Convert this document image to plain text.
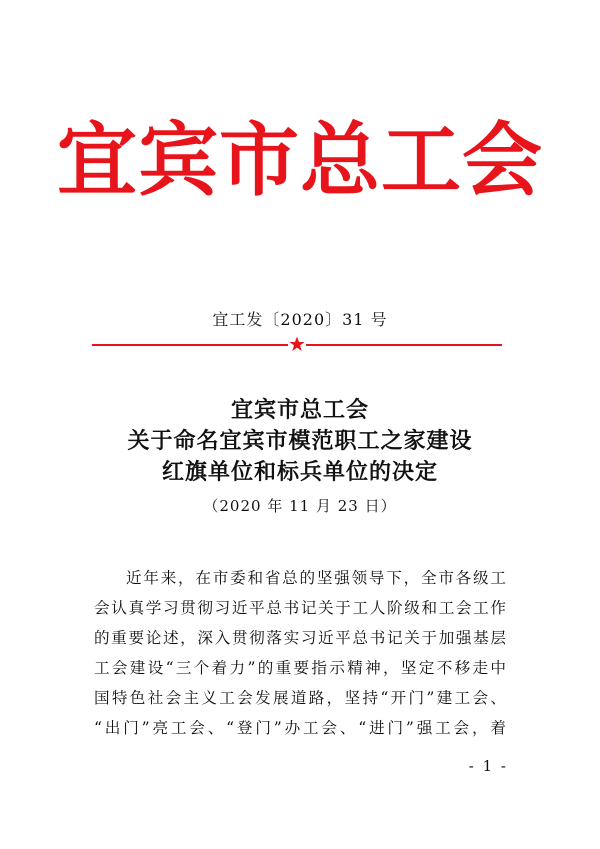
宜宾市总工会
宜工发〔2020〕31 号
宜宾市总工会
关于命名宜宾市模范职工之家建设
红旗单位和标兵单位的决定
（2020 年 11 月 23 日）
近年来，在市委和省总的坚强领导下，全市各级工
会认真学习贯彻习近平总书记关于工人阶级和工会工作
的重要论述，深入贯彻落实习近平总书记关于加强基层
工会建设“三个着力”的重要指示精神，坚定不移走中
国特色社会主义工会发展道路，坚持“开门”建工会、
“出门”亮工会、“登门”办工会、“进门”强工会，着
- 1 -
